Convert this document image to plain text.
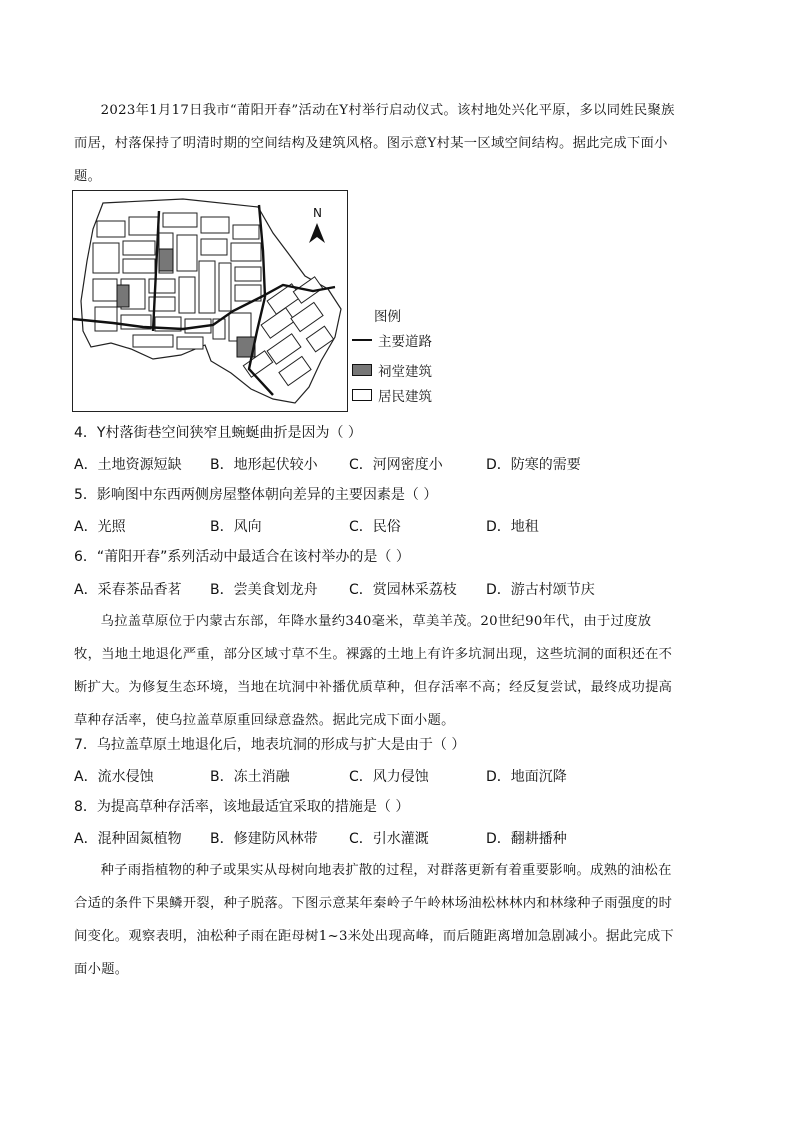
2023年1月17日我市“莆阳开春”活动在Y村举行启动仪式。该村地处兴化平原，多以同姓民聚族而居，村落保持了明清时期的空间结构及建筑风格。图示意Y村某一区域空间结构。据此完成下面小题。
N
图例
主要道路
祠堂建筑
居民建筑
4．Y村落街巷空间狭窄且蜿蜒曲折是因为（ ）
A．土地资源短缺 B．地形起伏较小 C．河网密度小	D．防寒的需要
5．影响图中东西两侧房屋整体朝向差异的主要因素是（ ）
A．光照	B．风向	C．民俗	D．地租
6．“莆阳开春”系列活动中最适合在该村举办的是（ ）
A．采春茶品香茗 B．尝美食划龙舟 C．赏园林采荔枝 D．游古村颂节庆
乌拉盖草原位于内蒙古东部，年降水量约340毫米，草美羊茂。20世纪90年代，由于过度放牧，当地土地退化严重，部分区域寸草不生。裸露的土地上有许多坑洞出现，这些坑洞的面积还在不断扩大。为修复生态环境，当地在坑洞中补播优质草种，但存活率不高；经反复尝试，最终成功提高草种存活率，使乌拉盖草原重回绿意盎然。据此完成下面小题。
7．乌拉盖草原土地退化后，地表坑洞的形成与扩大是由于（ ）
A．流水侵蚀	B．冻土消融	C．风力侵蚀	D．地面沉降
8．为提高草种存活率，该地最适宜采取的措施是（ ）
A．混种固氮植物 B．修建防风林带 C．引水灌溉	D．翻耕播种
种子雨指植物的种子或果实从母树向地表扩散的过程，对群落更新有着重要影响。成熟的油松在合适的条件下果鳞开裂，种子脱落。下图示意某年秦岭子午岭林场油松林林内和林缘种子雨强度的时间变化。观察表明，油松种子雨在距母树1~3米处出现高峰，而后随距离增加急剧减小。据此完成下面小题。
